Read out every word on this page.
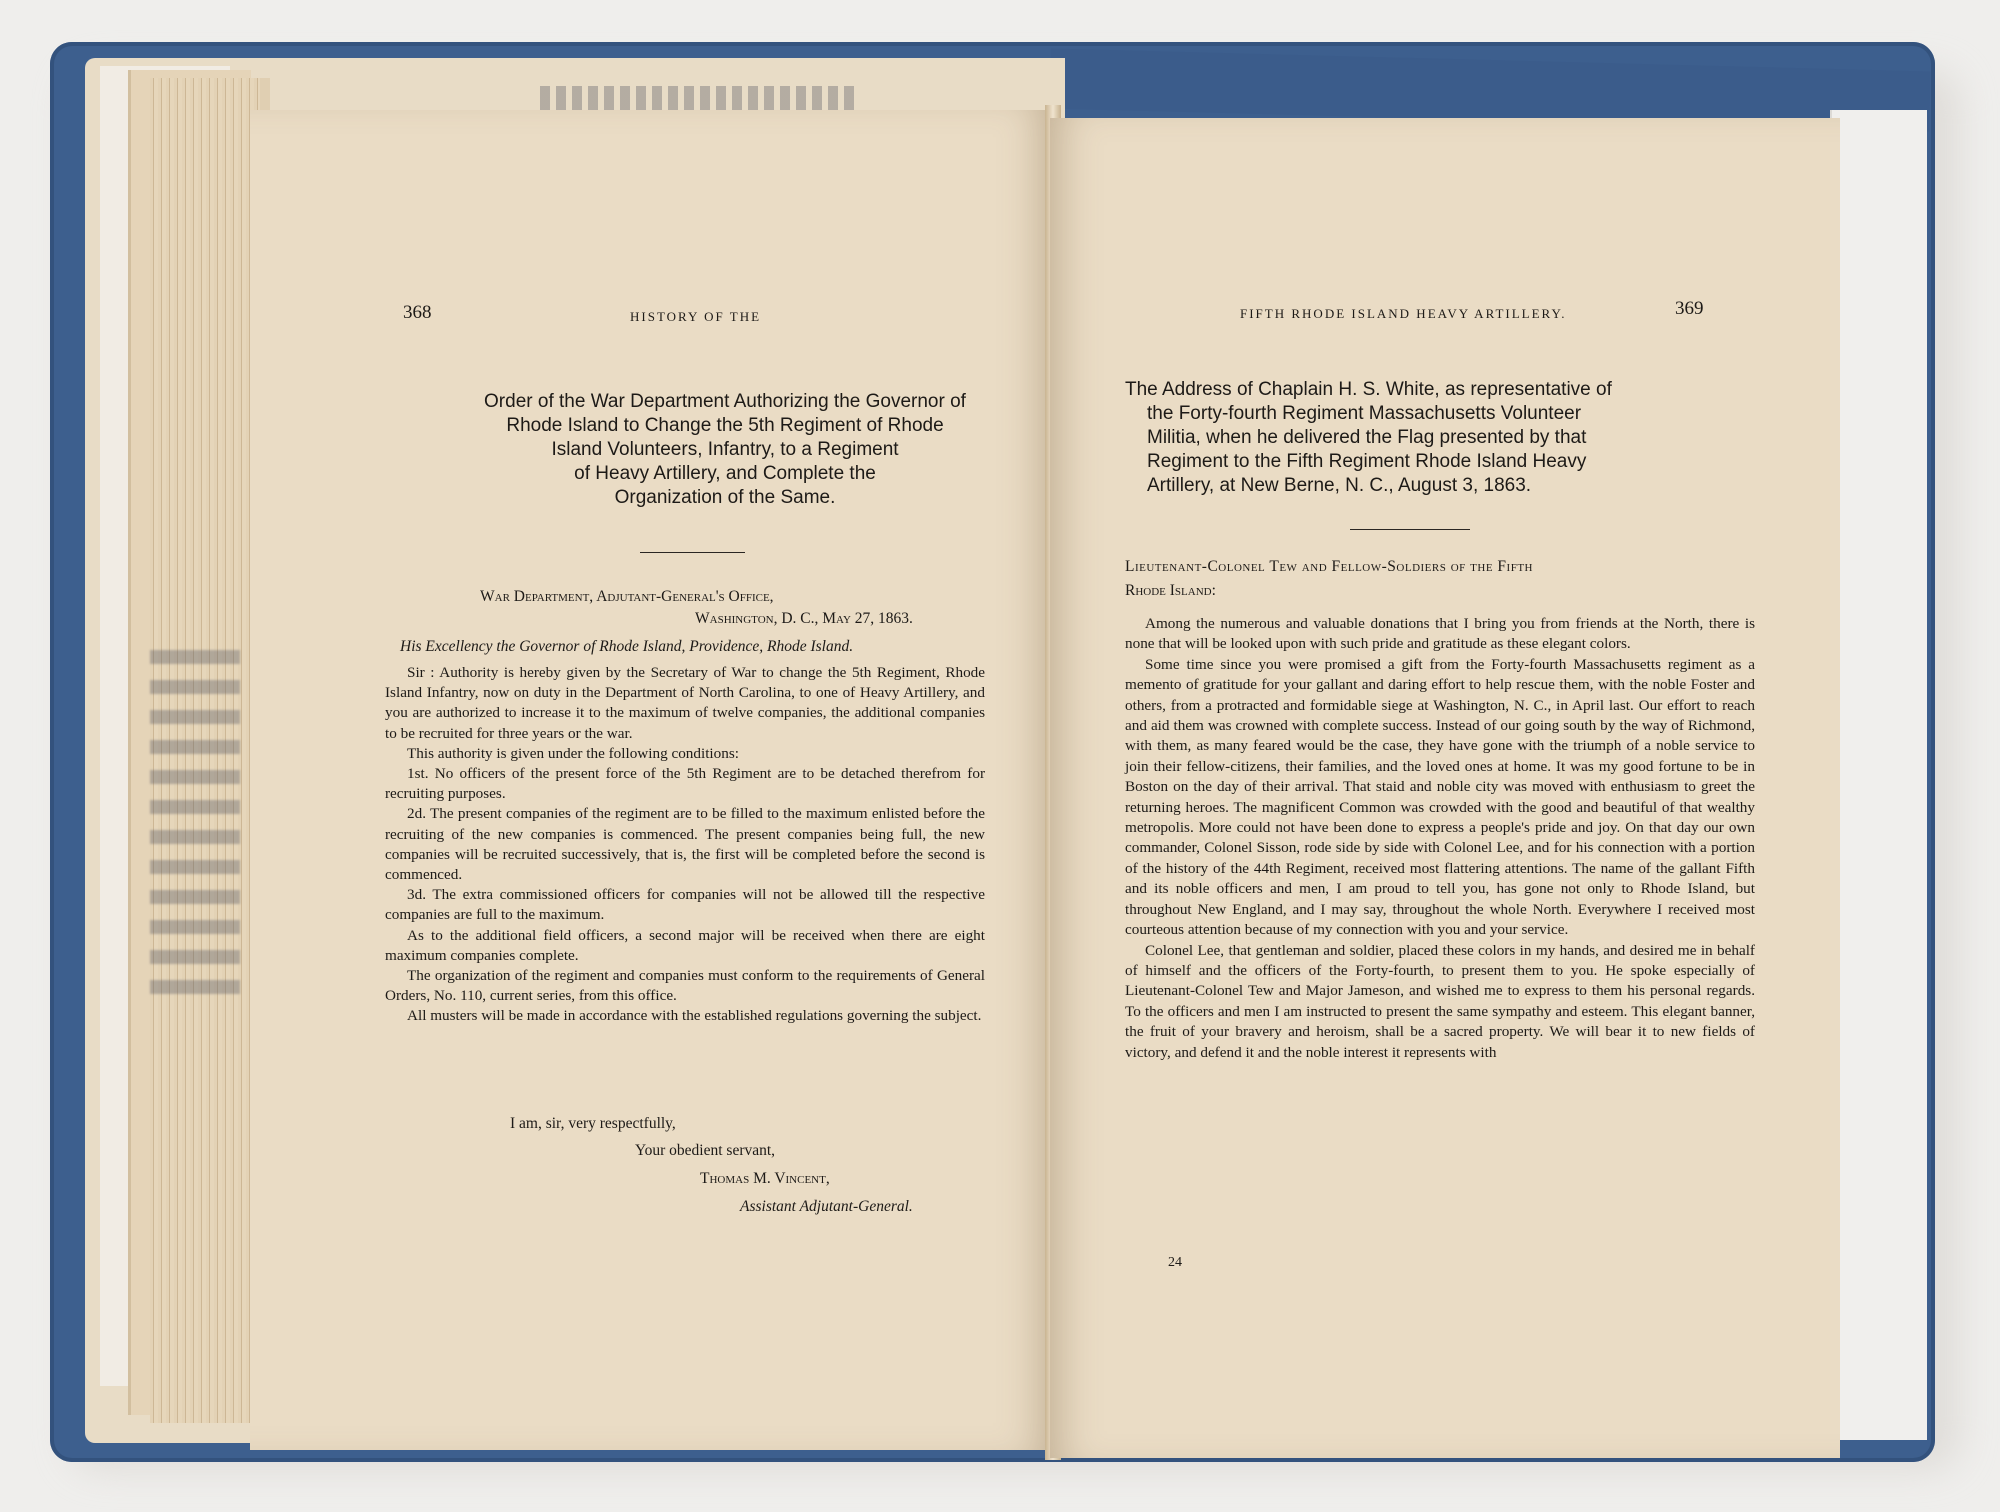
368	HISTORY OF THE
Order of the War Department Authorizing the Governor of
Rhode Island to Change the 5th Regiment of Rhode
Island Volunteers, Infantry, to a Regiment
of Heavy Artillery, and Complete the
Organization of the Same.
War Department, Adjutant-General's Office,
Washington, D. C., May 27, 1863.
His Excellency the Governor of Rhode Island, Providence, Rhode Island.

Sir : Authority is hereby given by the Secretary of War to change the 5th Regiment, Rhode Island Infantry, now on duty in the Department of North Carolina, to one of Heavy Artillery, and you are authorized to increase it to the maximum of twelve companies, the additional companies to be recruited for three years or the war.

This authority is given under the following conditions:

1st. No officers of the present force of the 5th Regiment are to be detached therefrom for recruiting purposes.

2d. The present companies of the regiment are to be filled to the maximum enlisted before the recruiting of the new companies is commenced. The present companies being full, the new companies will be recruited successively, that is, the first will be completed before the second is commenced.

3d. The extra commissioned officers for companies will not be allowed till the respective companies are full to the maximum.

As to the additional field officers, a second major will be received when there are eight maximum companies complete.

The organization of the regiment and companies must conform to the requirements of General Orders, No. 110, current series, from this office.

All musters will be made in accordance with the established regulations governing the subject.

I am, sir, very respectfully,
Your obedient servant,
Thomas M. Vincent,
Assistant Adjutant-General.
FIFTH RHODE ISLAND HEAVY ARTILLERY.	369
The Address of Chaplain H. S. White, as representative of
the Forty-fourth Regiment Massachusetts Volunteer
Militia, when he delivered the Flag presented by that
Regiment to the Fifth Regiment Rhode Island Heavy
Artillery, at New Berne, N. C., August 3, 1863.
Lieutenant-Colonel Tew and Fellow-Soldiers of the Fifth
Rhode Island:

Among the numerous and valuable donations that I bring you from friends at the North, there is none that will be looked upon with such pride and gratitude as these elegant colors.

Some time since you were promised a gift from the Forty-fourth Massachusetts regiment as a memento of gratitude for your gallant and daring effort to help rescue them, with the noble Foster and others, from a protracted and formidable siege at Washington, N. C., in April last. Our effort to reach and aid them was crowned with complete success. Instead of our going south by the way of Richmond, with them, as many feared would be the case, they have gone with the triumph of a noble service to join their fellow-citizens, their families, and the loved ones at home. It was my good fortune to be in Boston on the day of their arrival. That staid and noble city was moved with enthusiasm to greet the returning heroes. The magnificent Common was crowded with the good and beautiful of that wealthy metropolis. More could not have been done to express a people's pride and joy. On that day our own commander, Colonel Sisson, rode side by side with Colonel Lee, and for his connection with a portion of the history of the 44th Regiment, received most flattering attentions. The name of the gallant Fifth and its noble officers and men, I am proud to tell you, has gone not only to Rhode Island, but throughout New England, and I may say, throughout the whole North. Everywhere I received most courteous attention because of my connection with you and your service.

Colonel Lee, that gentleman and soldier, placed these colors in my hands, and desired me in behalf of himself and the officers of the Forty-fourth, to present them to you. He spoke especially of Lieutenant-Colonel Tew and Major Jameson, and wished me to express to them his personal regards. To the officers and men I am instructed to present the same sympathy and esteem. This elegant banner, the fruit of your bravery and heroism, shall be a sacred property. We will bear it to new fields of victory, and defend it and the noble interest it represents with

24
